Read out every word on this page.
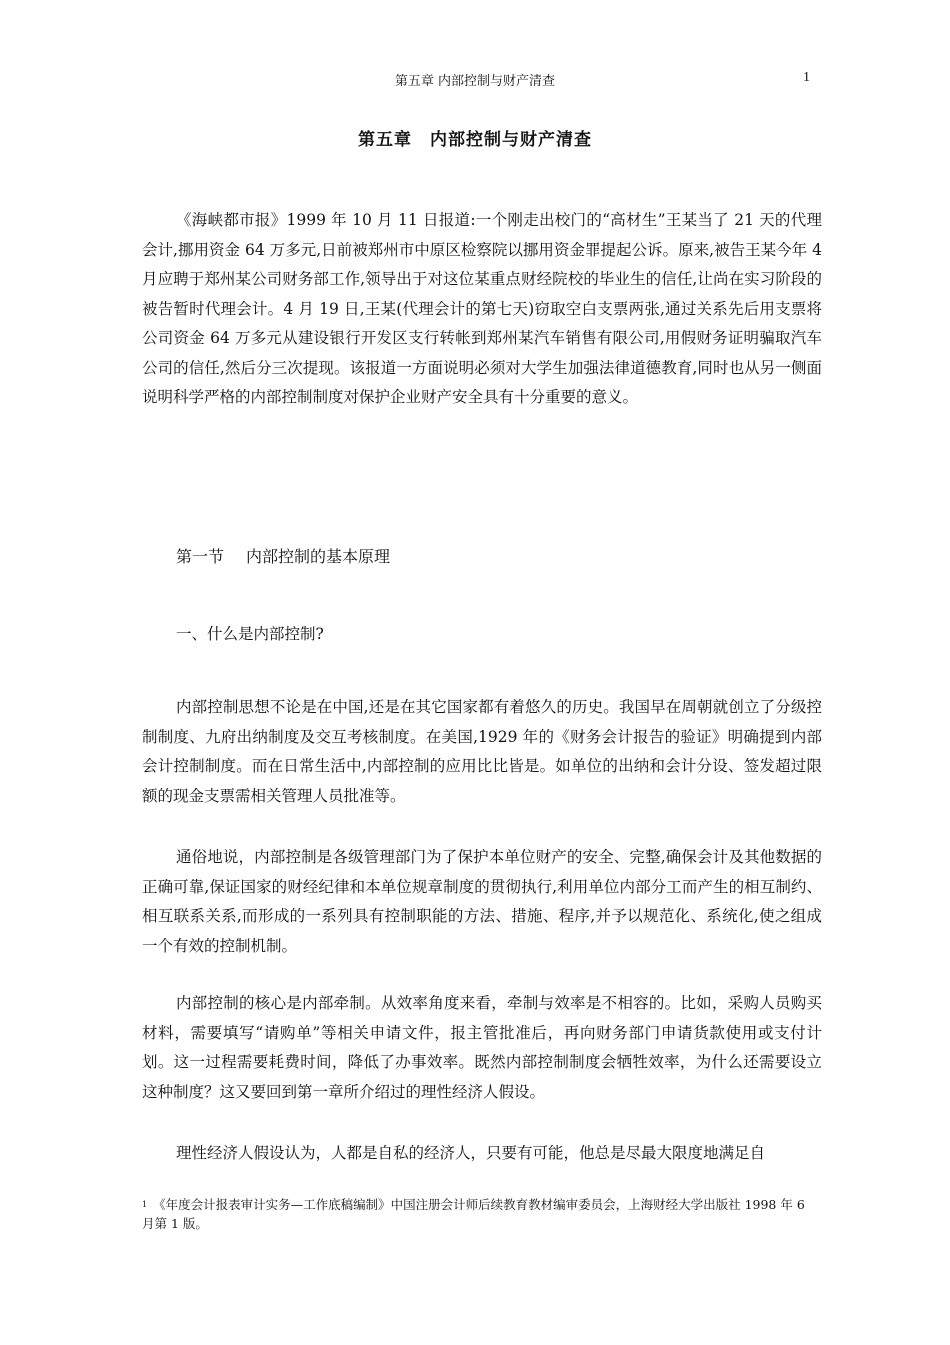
第五章 内部控制与财产清查	1
第五章　内部控制与财产清查

《海峡都市报》1999 年 10 月 11 日报道:一个刚走出校门的“高材生”王某当了 21 天的代理会计,挪用资金 64 万多元,日前被郑州市中原区检察院以挪用资金罪提起公诉。原来,被告王某今年 4 月应聘于郑州某公司财务部工作,领导出于对这位某重点财经院校的毕业生的信任,让尚在实习阶段的被告暂时代理会计。4 月 19 日,王某(代理会计的第七天)窃取空白支票两张,通过关系先后用支票将公司资金 64 万多元从建设银行开发区支行转帐到郑州某汽车销售有限公司,用假财务证明骗取汽车公司的信任,然后分三次提现。该报道一方面说明必须对大学生加强法律道德教育,同时也从另一侧面说明科学严格的内部控制制度对保护企业财产安全具有十分重要的意义。

第一节 内部控制的基本原理
一、什么是内部控制?

内部控制思想不论是在中国,还是在其它国家都有着悠久的历史。我国早在周朝就创立了分级控制制度、九府出纳制度及交互考核制度。在美国,1929 年的《财务会计报告的验证》明确提到内部会计控制制度。而在日常生活中,内部控制的应用比比皆是。如单位的出纳和会计分设、签发超过限额的现金支票需相关管理人员批准等。

通俗地说，内部控制是各级管理部门为了保护本单位财产的安全、完整,确保会计及其他数据的正确可靠,保证国家的财经纪律和本单位规章制度的贯彻执行,利用单位内部分工而产生的相互制约、相互联系关系,而形成的一系列具有控制职能的方法、措施、程序,并予以规范化、系统化,使之组成一个有效的控制机制。

内部控制的核心是内部牵制。从效率角度来看，牵制与效率是不相容的。比如，采购人员购买材料，需要填写“请购单”等相关申请文件，报主管批准后，再向财务部门申请货款使用或支付计划。这一过程需要耗费时间，降低了办事效率。既然内部控制制度会牺牲效率，为什么还需要设立这种制度？这又要回到第一章所介绍过的理性经济人假设。

理性经济人假设认为，人都是自私的经济人，只要有可能，他总是尽最大限度地满足自

$^1$ 《年度会计报表审计实务—工作底稿编制》中国注册会计师后续教育教材编审委员会，上海财经大学出版社 1998 年 6 月第 1 版。
